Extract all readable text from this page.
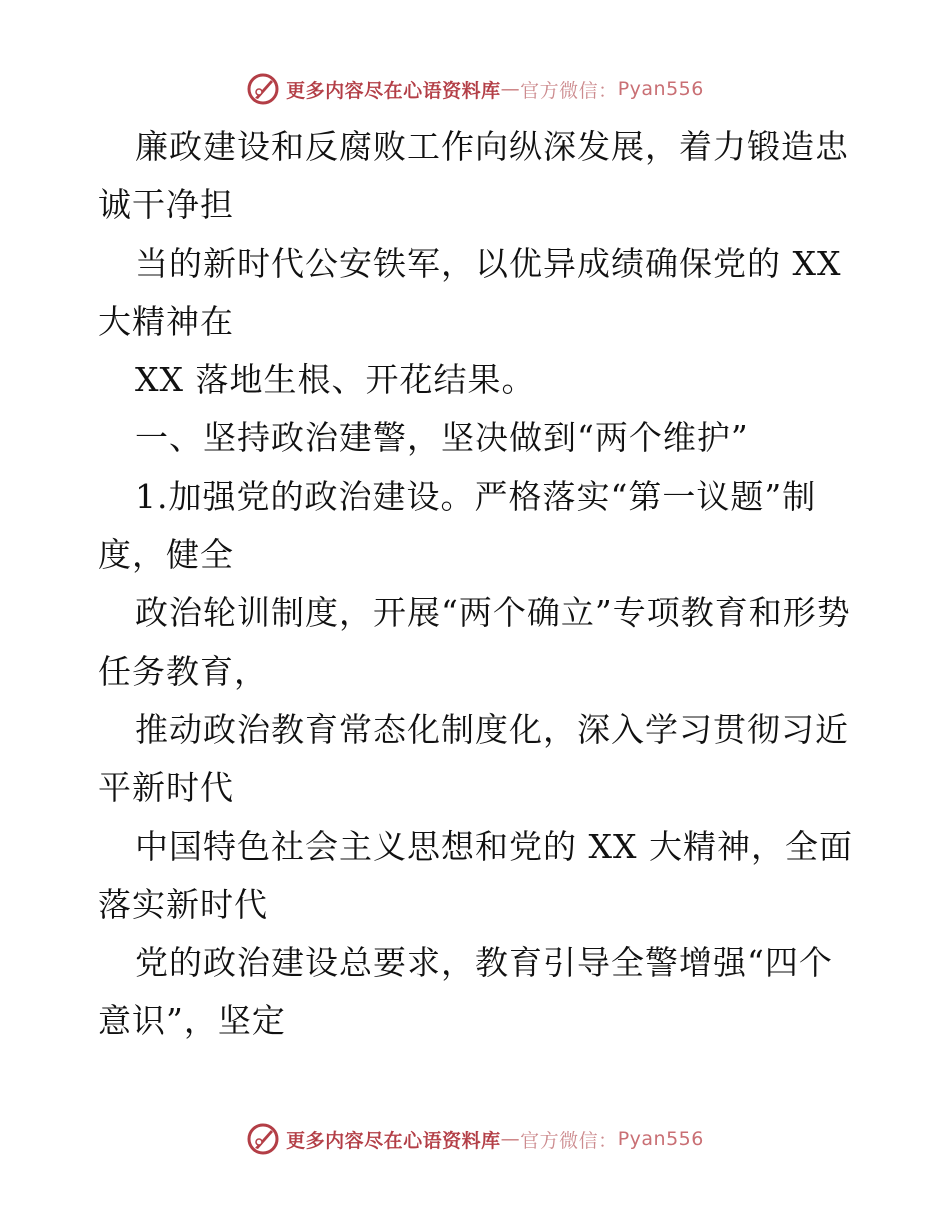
更多内容尽在心语资料库 — 官方微信： Pyan556

廉政建设和反腐败工作向纵深发展，着力锻造忠诚干净担

当的新时代公安铁军，以优异成绩确保党的 XX 大精神在

XX 落地生根、开花结果。

一、坚持政治建警，坚决做到“两个维护”

1.加强党的政治建设。严格落实“第一议题”制度，健全

政治轮训制度，开展“两个确立”专项教育和形势任务教育，

推动政治教育常态化制度化，深入学习贯彻习近平新时代

中国特色社会主义思想和党的 XX 大精神，全面落实新时代

党的政治建设总要求，教育引导全警增强“四个意识”，坚定

更多内容尽在心语资料库 — 官方微信： Pyan556
